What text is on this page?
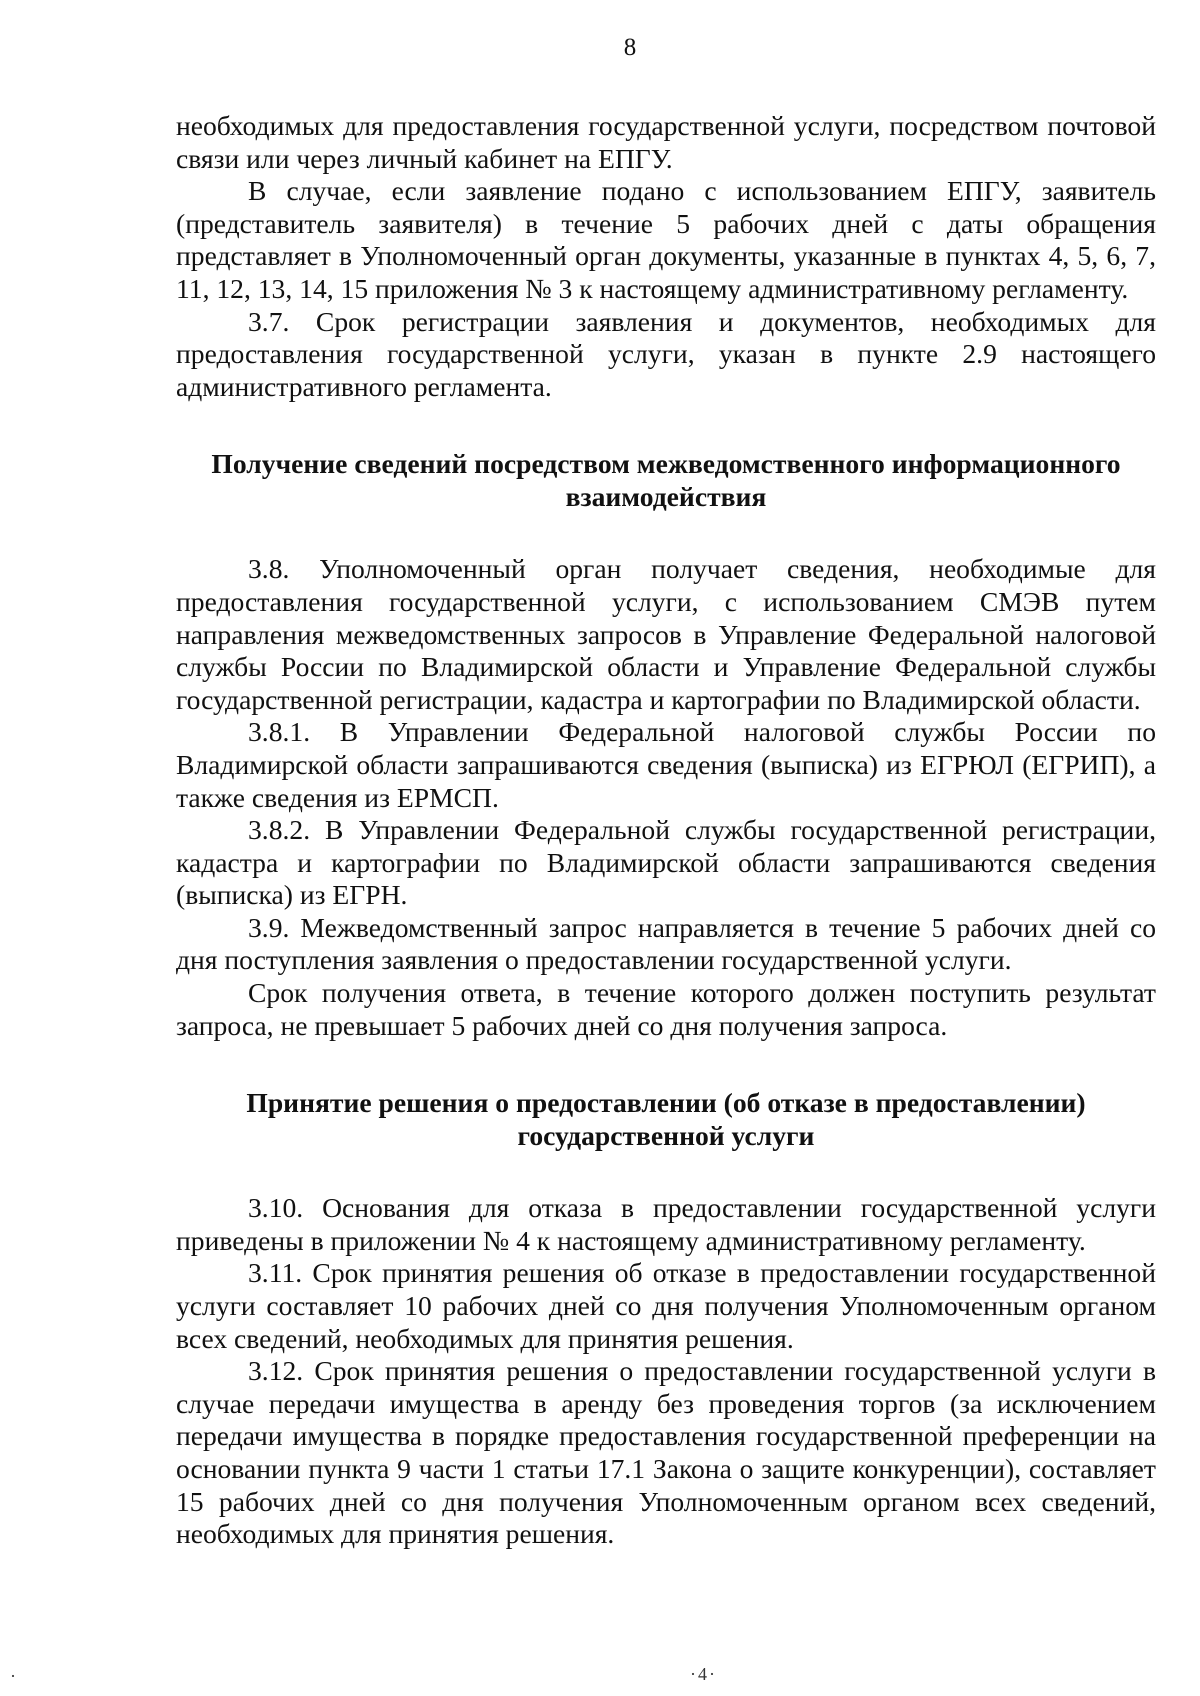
8

необходимых для предоставления государственной услуги, посредством почтовой связи или через личный кабинет на ЕПГУ.

В случае, если заявление подано с использованием ЕПГУ, заявитель (представитель заявителя) в течение 5 рабочих дней с даты обращения представляет в Уполномоченный орган документы, указанные в пунктах 4, 5, 6, 7, 11, 12, 13, 14, 15 приложения № 3 к настоящему административному регламенту.

3.7. Срок регистрации заявления и документов, необходимых для предоставления государственной услуги, указан в пункте 2.9 настоящего административного регламента.

Получение сведений посредством межведомственного информационного
взаимодействия

3.8. Уполномоченный орган получает сведения, необходимые для предоставления государственной услуги, с использованием СМЭВ путем направления межведомственных запросов в Управление Федеральной налоговой службы России по Владимирской области и Управление Федеральной службы государственной регистрации, кадастра и картографии по Владимирской области.

3.8.1. В Управлении Федеральной налоговой службы России по Владимирской области запрашиваются сведения (выписка) из ЕГРЮЛ (ЕГРИП), а также сведения из ЕРМСП.

3.8.2. В Управлении Федеральной службы государственной регистрации, кадастра и картографии по Владимирской области запрашиваются сведения (выписка) из ЕГРН.

3.9. Межведомственный запрос направляется в течение 5 рабочих дней со дня поступления заявления о предоставлении государственной услуги.

Срок получения ответа, в течение которого должен поступить результат запроса, не превышает 5 рабочих дней со дня получения запроса.

Принятие решения о предоставлении (об отказе в предоставлении)
государственной услуги

3.10. Основания для отказа в предоставлении государственной услуги приведены в приложении № 4 к настоящему административному регламенту.

3.11. Срок принятия решения об отказе в предоставлении государственной услуги составляет 10 рабочих дней со дня получения Уполномоченным органом всех сведений, необходимых для принятия решения.

3.12. Срок принятия решения о предоставлении государственной услуги в случае передачи имущества в аренду без проведения торгов (за исключением передачи имущества в порядке предоставления государственной преференции на основании пункта 9 части 1 статьи 17.1 Закона о защите конкуренции), составляет 15 рабочих дней со дня получения Уполномоченным органом всех сведений, необходимых для принятия решения.

·4·
·
